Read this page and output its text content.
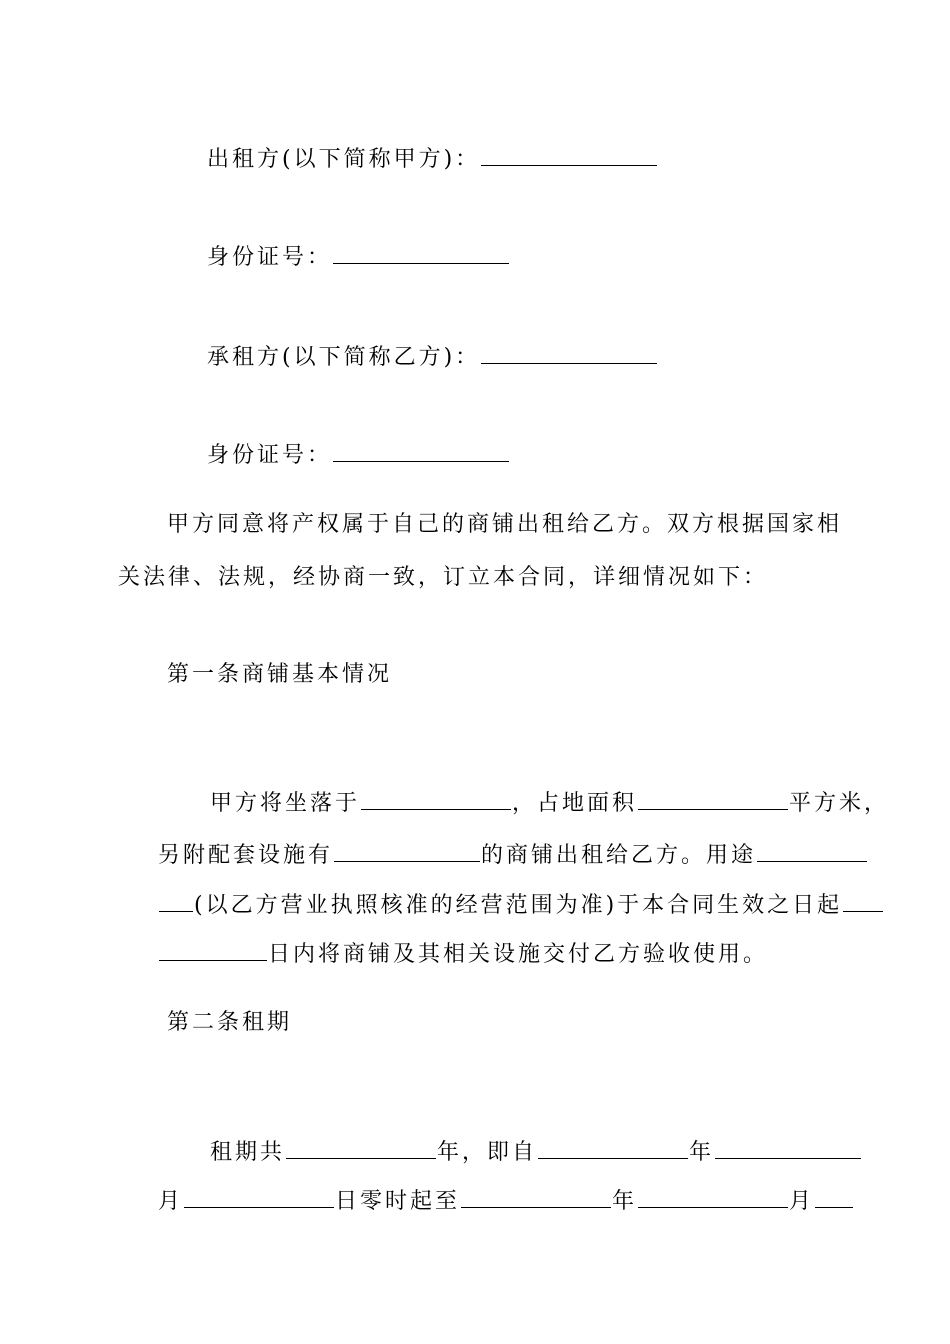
出租方(以下简称甲方)：

身份证号：

承租方(以下简称乙方)：

身份证号：

甲方同意将产权属于自己的商铺出租给乙方。双方根据国家相
关法律、法规，经协商一致，订立本合同，详细情况如下：
第一条商铺基本情况

甲方将坐落于	，占地面积	平方米，

另附配套设施有	的商铺出租给乙方。用途

(以乙方营业执照核准的经营范围为准)于本合同生效之日起

日内将商铺及其相关设施交付乙方验收使用。

第二条租期

租期共	年，即自	年

月	日零时起至	年	月
